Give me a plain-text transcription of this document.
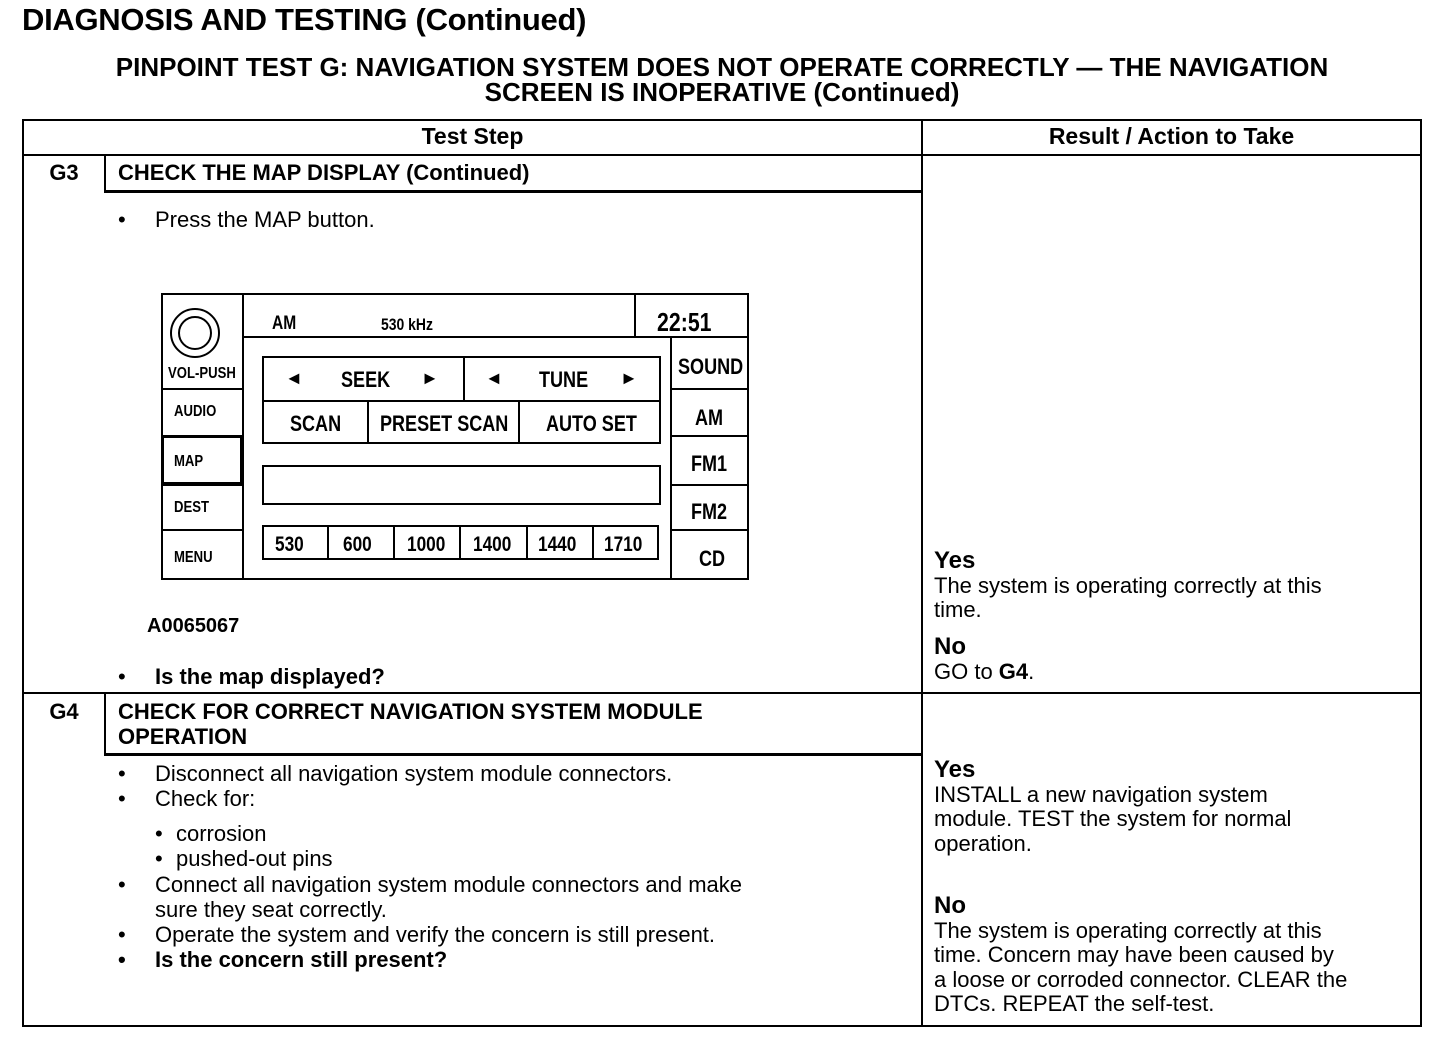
DIAGNOSIS AND TESTING (Continued)
PINPOINT TEST G: NAVIGATION SYSTEM DOES NOT OPERATE CORRECTLY — THE NAVIGATION
SCREEN IS INOPERATIVE (Continued)
Test Step	Result / Action to Take
G3	CHECK THE MAP DISPLAY (Continued)
• Press the MAP button.
AM	530 kHz	22:51
VOL-PUSH
AUDIO
MAP
DEST
MENU
SOUND
AM
FM1
FM2
CD
◄ SEEK	►	◄ TUNE	►
SCAN	PRESET SCAN	AUTO SET
530	600	1000	1400	1440	1710
A0065067
• Is the map displayed?
Yes
The system is operating correctly at this
time.
No
GO to G4.
G4	CHECK FOR CORRECT NAVIGATION SYSTEM MODULE
OPERATION
• Disconnect all navigation system module connectors.
• Check for:
• corrosion
• pushed-out pins
• Connect all navigation system module connectors and make
sure they seat correctly.
• Operate the system and verify the concern is still present.
• Is the concern still present?
Yes
INSTALL a new navigation system
module. TEST the system for normal
operation.
No
The system is operating correctly at this
time. Concern may have been caused by
a loose or corroded connector. CLEAR the
DTCs. REPEAT the self-test.
